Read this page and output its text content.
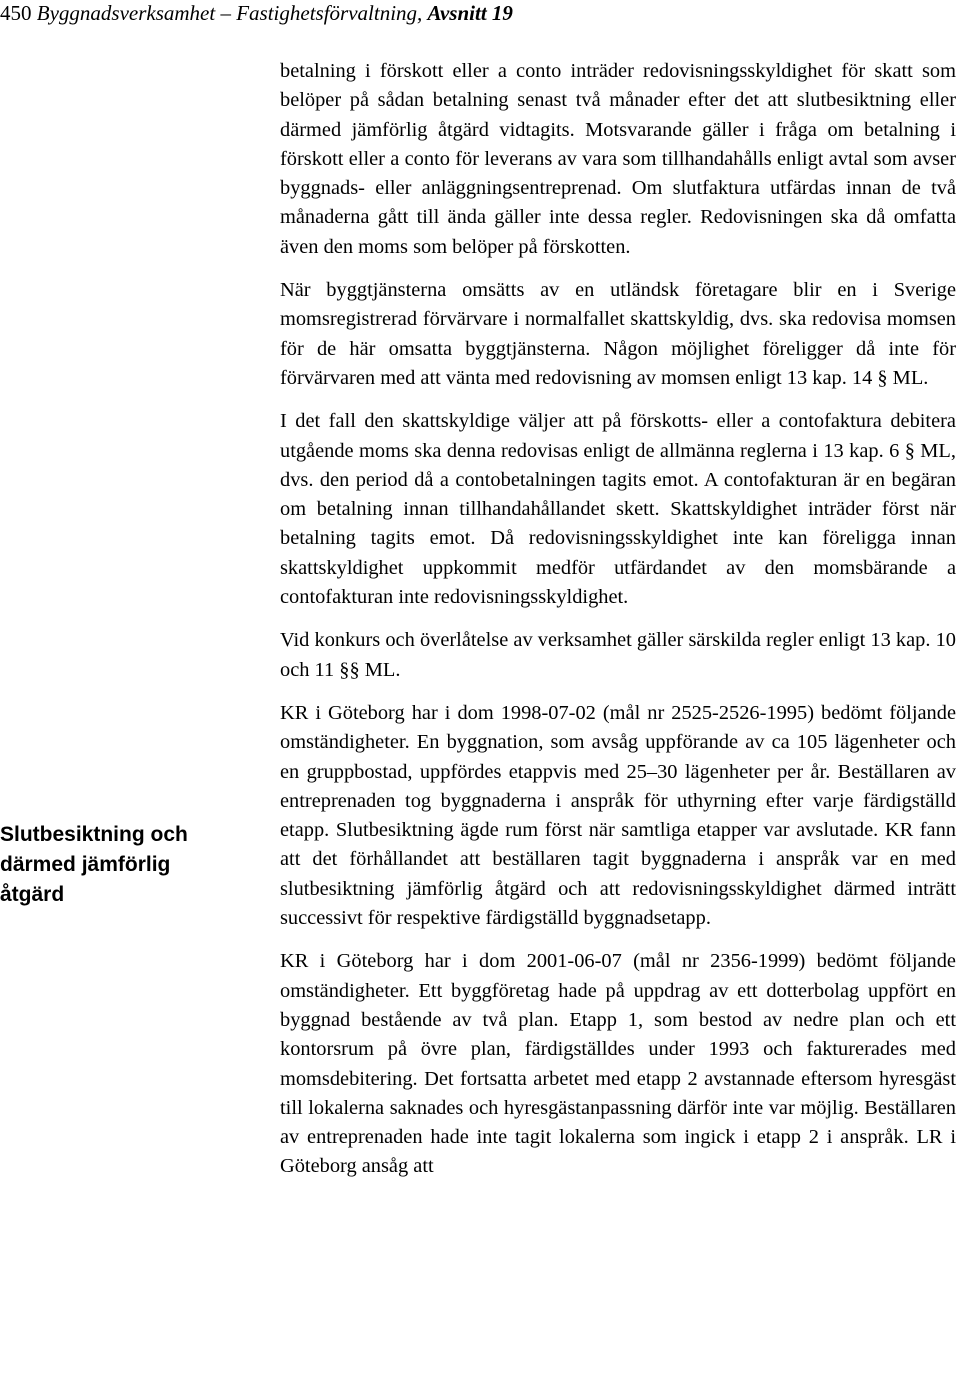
450 Byggnadsverksamhet – Fastighetsförvaltning, Avsnitt 19
Slutbesiktning och
därmed jämförlig
åtgärd

betalning i förskott eller a conto inträder redovisningsskyldighet för skatt som belöper på sådan betalning senast två månader efter det att slutbesiktning eller därmed jämförlig åtgärd vidtagits. Motsvarande gäller i fråga om betalning i förskott eller a conto för leverans av vara som tillhandahålls enligt avtal som avser byggnads- eller anläggningsentreprenad. Om slutfaktura utfärdas innan de två månaderna gått till ända gäller inte dessa regler. Redovisningen ska då omfatta även den moms som belöper på förskotten.

När byggtjänsterna omsätts av en utländsk företagare blir en i Sverige momsregistrerad förvärvare i normalfallet skattskyldig, dvs. ska redovisa momsen för de här omsatta byggtjänsterna. Någon möjlighet föreligger då inte för förvärvaren med att vänta med redovisning av momsen enligt 13 kap. 14 § ML.

I det fall den skattskyldige väljer att på förskotts- eller a contofaktura debitera utgående moms ska denna redovisas enligt de allmänna reglerna i 13 kap. 6 § ML, dvs. den period då a contobetalningen tagits emot. A contofakturan är en begäran om betalning innan tillhandahållandet skett. Skattskyldighet inträder först när betalning tagits emot. Då redovisningsskyldighet inte kan föreligga innan skattskyldighet uppkommit medför utfärdandet av den momsbärande a contofakturan inte redovisningsskyldighet.

Vid konkurs och överlåtelse av verksamhet gäller särskilda regler enligt 13 kap. 10 och 11 §§ ML.

KR i Göteborg har i dom 1998-07-02 (mål nr 2525-2526-1995) bedömt följande omständigheter. En byggnation, som avsåg uppförande av ca 105 lägenheter och en gruppbostad, uppfördes etappvis med 25–30 lägenheter per år. Beställaren av entreprenaden tog byggnaderna i anspråk för uthyrning efter varje färdigställd etapp. Slutbesiktning ägde rum först när samtliga etapper var avslutade. KR fann att det förhållandet att beställaren tagit byggnaderna i anspråk var en med slutbesiktning jämförlig åtgärd och att redovisningsskyldighet därmed inträtt successivt för respektive färdigställd byggnadsetapp.

KR i Göteborg har i dom 2001-06-07 (mål nr 2356-1999) bedömt följande omständigheter. Ett byggföretag hade på uppdrag av ett dotterbolag uppfört en byggnad bestående av två plan. Etapp 1, som bestod av nedre plan och ett kontorsrum på övre plan, färdigställdes under 1993 och fakturerades med momsdebitering. Det fortsatta arbetet med etapp 2 avstannade eftersom hyresgäst till lokalerna saknades och hyresgästanpassning därför inte var möjlig. Beställaren av entreprenaden hade inte tagit lokalerna som ingick i etapp 2 i anspråk. LR i Göteborg ansåg att
